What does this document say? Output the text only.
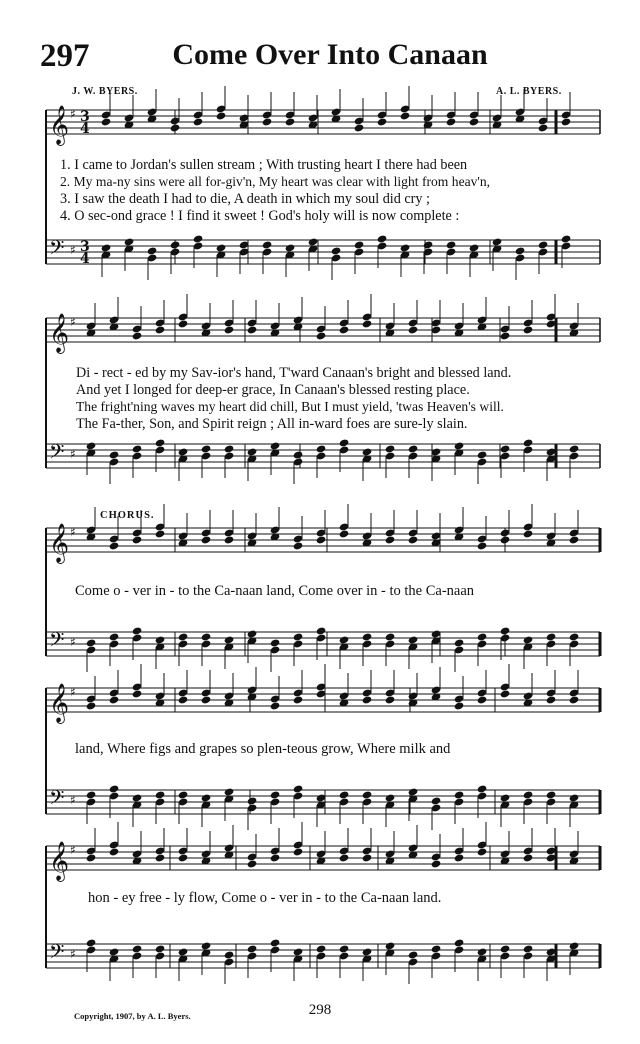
𝄞 ♯ 3
4
𝄢 ♯ 3
4
𝄞 ♯
𝄢 ♯
𝄞 ♯
𝄢 ♯
𝄞 ♯
𝄢 ♯
𝄞 ♯
𝄢 ♯
297	Come Over Into Canaan
J. W. BYERS.	A. L. BYERS.
1. I came to Jordan's sullen stream ; With trusting heart I there had been
2. My ma-ny sins were all for-giv'n, My heart was clear with light from heav'n,
3. I saw the death I had to die, A death in which my soul did cry ;
4. O sec-ond grace ! I find it sweet ! God's holy will is now complete :
Di - rect - ed by my Sav-ior's hand, T'ward Canaan's bright and blessed land.
And yet I longed for deep-er grace, In Canaan's blessed resting place.
The fright'ning waves my heart did chill, But I must yield, 'twas Heaven's will.
The Fa-ther, Son, and Spirit reign ; All in-ward foes are sure-ly slain.
CHORUS.
Come o - ver in - to the Ca-naan land, Come over in - to the Ca-naan
land, Where figs and grapes so plen-teous grow, Where milk and
hon - ey free - ly flow, Come o - ver in - to the Ca-naan land.
298
Copyright, 1907, by A. L. Byers.
